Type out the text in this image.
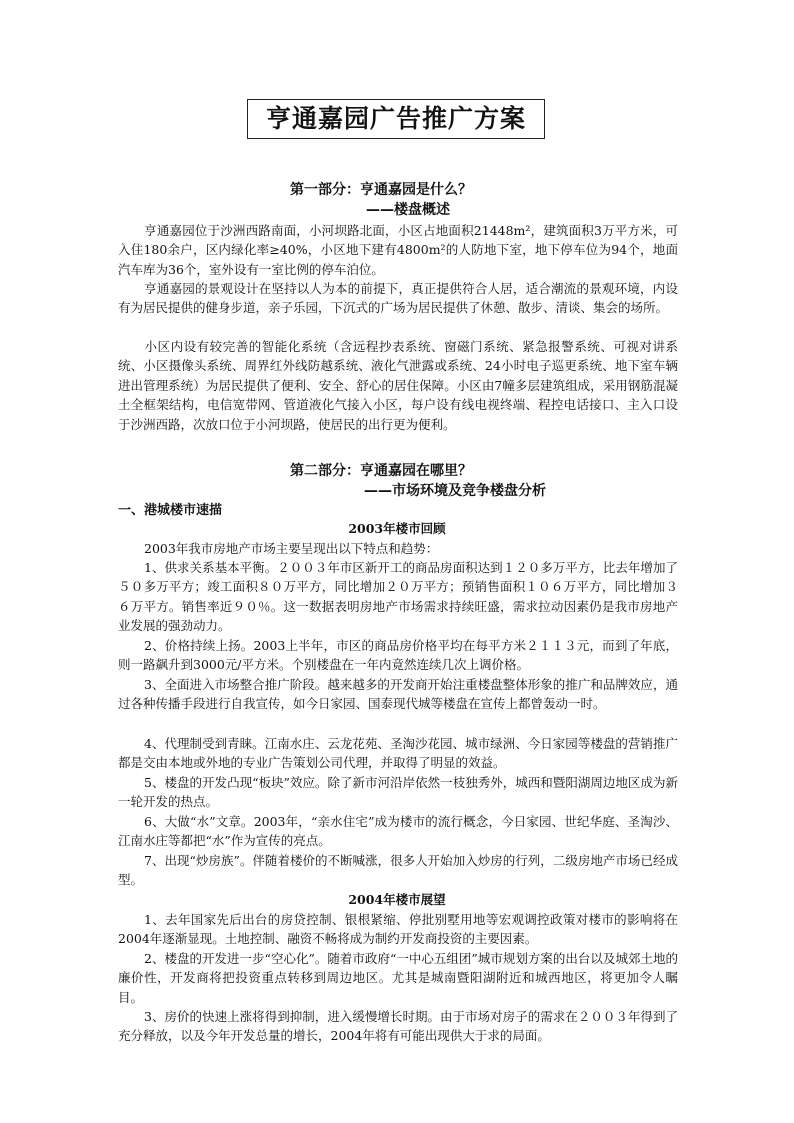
亨通嘉园广告推广方案
第一部分：亨通嘉园是什么？
——楼盘概述

亨通嘉园位于沙洲西路南面，小河坝路北面，小区占地面积21448m²，建筑面积3万平方米，可入住180余户，区内绿化率≥40%，小区地下建有4800m²的人防地下室，地下停车位为94个，地面汽车库为36个，室外设有一室比例的停车泊位。

亨通嘉园的景观设计在坚持以人为本的前提下，真正提供符合人居，适合潮流的景观环境，内设有为居民提供的健身步道，亲子乐园，下沉式的广场为居民提供了休憩、散步、清谈、集会的场所。

小区内设有较完善的智能化系统（含远程抄表系统、窗磁门系统、紧急报警系统、可视对讲系统、小区摄像头系统、周界红外线防越系统、液化气泄露或系统、24小时电子巡更系统、地下室车辆进出管理系统）为居民提供了便利、安全、舒心的居住保障。小区由7幢多层建筑组成，采用钢筋混凝土全框架结构，电信宽带网、管道液化气接入小区，每户设有线电视终端、程控电话接口、主入口设于沙洲西路，次放口位于小河坝路，使居民的出行更为便利。

第二部分：亨通嘉园在哪里？
——市场环境及竞争楼盘分析
一、港城楼市速描
2003年楼市回顾

2003年我市房地产市场主要呈现出以下特点和趋势：

1、供求关系基本平衡。２００３年市区新开工的商品房面积达到１２０多万平方，比去年增加了５０多万平方；竣工面积８０万平方，同比增加２０万平方；预销售面积１０６万平方，同比增加３６万平方。销售率近９０％。这一数据表明房地产市场需求持续旺盛，需求拉动因素仍是我市房地产业发展的强劲动力。

2、价格持续上扬。2003上半年，市区的商品房价格平均在每平方米２１１３元，而到了年底，则一路飙升到3000元/平方米。个别楼盘在一年内竟然连续几次上调价格。

3、全面进入市场整合推广阶段。越来越多的开发商开始注重楼盘整体形象的推广和品牌效应，通过各种传播手段进行自我宣传，如今日家园、国泰现代城等楼盘在宣传上都曾轰动一时。

4、代理制受到青睐。江南水庄、云龙花苑、圣淘沙花园、城市绿洲、今日家园等楼盘的营销推广都是交由本地或外地的专业广告策划公司代理，并取得了明显的效益。

5、楼盘的开发凸现“板块”效应。除了新市河沿岸依然一枝独秀外，城西和暨阳湖周边地区成为新一轮开发的热点。

6、大做“水”文章。2003年，“亲水住宅”成为楼市的流行概念，今日家园、世纪华庭、圣淘沙、江南水庄等都把“水”作为宣传的亮点。

7、出现“炒房族”。伴随着楼价的不断喊涨，很多人开始加入炒房的行列，二级房地产市场已经成型。

2004年楼市展望

1、去年国家先后出台的房贷控制、银根紧缩、停批别墅用地等宏观调控政策对楼市的影响将在2004年逐渐显现。土地控制、融资不畅将成为制约开发商投资的主要因素。

2、楼盘的开发进一步“空心化”。随着市政府“一中心五组团”城市规划方案的出台以及城郊土地的廉价性，开发商将把投资重点转移到周边地区。尤其是城南暨阳湖附近和城西地区，将更加令人瞩目。

3、房价的快速上涨将得到抑制，进入缓慢增长时期。由于市场对房子的需求在２００３年得到了充分释放，以及今年开发总量的增长，2004年将有可能出现供大于求的局面。
